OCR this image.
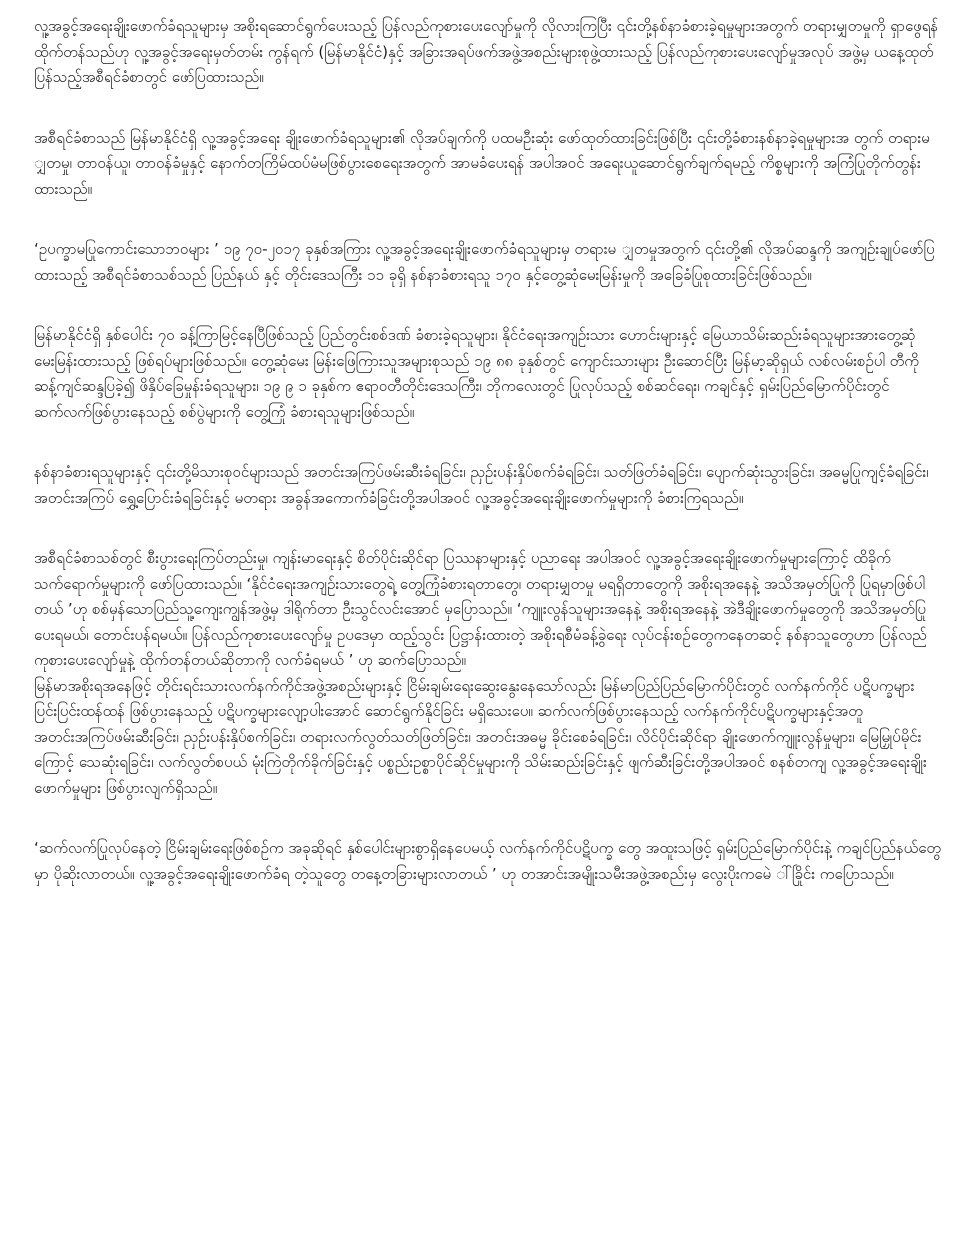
လူ့အခွင့်အရေးချိုးဖောက်ခံရသူများမှ အစိုးရဆောင်ရွက်ပေးသည့် ပြန်လည်ကုစားပေးလျော်မှုကို လိုလားကြပြီး ၎င်းတို့နစ်နာခံစားခဲ့ရမှုများအတွက် တရားမျှတမှုကို ရှာဖွေရန် ထိုက်တန်သည်ဟု လူ့အခွင့်အရေးမှတ်တမ်း ကွန်ရက် (မြန်မာနိုင်ငံ)နှင့် အခြားအရပ်ဖက်အဖွဲ့အစည်းများစုဖွဲ့ထားသည့် ပြန်လည်ကုစားပေးလျော်မှုအလုပ် အဖွဲ့မှ ယနေ့ထုတ်ပြန်သည့်အစီရင်ခံစာတွင် ဖော်ပြထားသည်။

အစီရင်ခံစာသည် မြန်မာနိုင်ငံရှိ လူ့အခွင့်အရေး ချိုးဖောက်ခံရသူများ၏ လိုအပ်ချက်ကို ပထမဦးဆုံး ဖော်ထုတ်ထားခြင်းဖြစ်ပြီး ၎င်းတို့ခံစားနစ်နာခဲ့ရမှုများအ တွက် တရားမ ျှတမှု၊ တာဝန်ယူ၊ တာဝန်ခံမှုနှင့် နောက်တကြိမ်ထပ်မံမဖြစ်ပွားစေရေးအတွက် အာမခံပေးရန် အပါအဝင် အရေးယူဆောင်ရွက်ချက်ရမည့် ကိစ္စများကို အကြံပြုတိုက်တွန်းထားသည်။

‘ဥပက္ခာမပြုကောင်းသောဘဝများ ’ ၁၉ ၇၀-၂၀၁၇ ခုနှစ်အကြား လူ့အခွင့်အရေးချိုးဖောက်ခံရသူများမှ တရားမ ျှတမှုအတွက် ၎င်းတို့၏ လိုအပ်ဆန္ဒကို အကျဉ်းချုပ်ဖော်ပြထားသည့် အစီရင်ခံစာသစ်သည် ပြည်နယ် နှင့် တိုင်းဒေသကြီး ၁၁ ခုရှိ နစ်နာခံစားရသူ ၁၇၀ နှင့်တွေ့ဆုံမေးမြန်းမှုကို အခြေခံပြုစုထားခြင်းဖြစ်သည်။

မြန်မာနိုင်ငံရှိ နှစ်ပေါင်း ၇၀ ခန့်ကြာမြင့်နေပြီဖြစ်သည့် ပြည်တွင်းစစ်ဒဏ် ခံစားခဲ့ရသူများ၊ နိုင်ငံရေးအကျဉ်းသား ဟောင်းများနှင့် မြေယာသိမ်းဆည်းခံရသူများအားတွေ့ဆုံမေးမြန်းထားသည့် ဖြစ်ရပ်များဖြစ်သည်။ တွေ့ဆုံမေး မြန်းဖြေကြားသူအများစုသည် ၁၉ ၈၈ ခုနှစ်တွင် ကျောင်းသားများ ဦးဆောင်ပြီး မြန်မာ့ဆိုရှယ် လစ်လမ်းစဉ်ပါ တီကို ဆန့်ကျင်ဆန္ဒပြခဲ့၍ ဖိနှိပ်ခြေမှုန်းခံရသူများ၊ ၁၉ ၉ ၁ ခုနှစ်က ဧရာဝတီတိုင်းဒေသကြီး၊ ဘိုကလေးတွင် ပြုလုပ်သည့် စစ်ဆင်ရေး၊ ကချင်နှင့် ရှမ်းပြည်မြောက်ပိုင်းတွင် ဆက်လက်ဖြစ်ပွားနေသည့် စစ်ပွဲများကို တွေ့ကြုံ ခံစားရသူများဖြစ်သည်။

နစ်နာခံစားရသူများနှင့် ၎င်းတို့မိသားစုဝင်များသည် အတင်းအကြပ်ဖမ်းဆီးခံရခြင်း၊ ညှဉ်းပန်းနှိပ်စက်ခံရခြင်း၊ သတ်ဖြတ်ခံရခြင်း၊ ပျောက်ဆုံးသွားခြင်း၊ အဓမ္မပြုကျင့်ခံရခြင်း၊ အတင်းအကြပ် ရွှေ့ပြောင်းခံရခြင်းနှင့် မတရား အခွန်အကောက်ခံခြင်းတို့အပါအဝင် လူ့အခွင့်အရေးချိုးဖောက်မှုများကို ခံစားကြရသည်။

အစီရင်ခံစာသစ်တွင် စီးပွားရေးကြပ်တည်းမှု၊ ကျန်းမာရေးနှင့် စိတ်ပိုင်းဆိုင်ရာ ပြဿနာများနှင့် ပညာရေး အပါအဝင် လူ့အခွင့်အရေးချိုးဖောက်မှုများကြောင့် ထိခိုက်သက်ရောက်မှုများကို ဖော်ပြထားသည်။ ‘နိုင်ငံရေးအကျဉ်းသားတွေရဲ့ တွေ့ကြုံခံစားရတာတွေ၊ တရားမျှတမှု မရရှိတာတွေကို အစိုးရအနေနဲ့ အသိအမှတ်ပြုကို ပြုရမှာဖြစ်ပါတယ် ’ဟု စစ်မှန်သောပြည်သူ့ကျေးကျွန်အဖွဲ့မှ ဒါရိုက်တာ ဦးသွင်လင်းအောင် မှပြောသည်။ ‘ကျူးလွန်သူများအနေနဲ့ အစိုးရအနေနဲ့ အဲဒီချိုးဖောက်မှုတွေကို အသိအမှတ်ပြုပေးရမယ်၊ တောင်းပန်ရမယ်။ ပြန်လည်ကုစားပေးလျော်မှု ဥပဒေမှာ ထည့်သွင်း ပြဋ္ဌာန်းထားတဲ့ အစိုးရစီမံခန့်ခွဲရေး လုပ်ငန်းစဉ်တွေကနေတဆင့် နစ်နာသူတွေဟာ ပြန်လည်ကုစားပေးလျော်မှုနဲ့ ထိုက်တန်တယ်ဆိုတာကို လက်ခံရမယ် ’ ဟု ဆက်ပြောသည်။

မြန်မာအစိုးရအနေဖြင့် တိုင်းရင်းသားလက်နက်ကိုင်အဖွဲ့အစည်းများနှင့် ငြိမ်းချမ်းရေးဆွေးနွေးနေသော်လည်း မြန်မာပြည်ပြည်မြောက်ပိုင်းတွင် လက်နက်ကိုင် ပဋိပက္ခများ ပြင်းပြင်းထန်ထန် ဖြစ်ပွားနေသည့် ပဋိပက္ခများလျော့ပါးအောင် ဆောင်ရွက်နိုင်ခြင်း မရှိသေးပေ။ ဆက်လက်ဖြစ်ပွားနေသည့် လက်နက်ကိုင်ပဋိပက္ခများနှင့်အတူ အတင်းအကြပ်ဖမ်းဆီးခြင်း၊ ညှဉ်းပန်းနှိပ်စက်ခြင်း၊ တရားလက်လွတ်သတ်ဖြတ်ခြင်း၊ အတင်းအဓမ္မ ခိုင်းစေခံရခြင်း၊ လိင်ပိုင်းဆိုင်ရာ ချိုးဖောက်ကျူးလွန်မှုများ၊ မြေမြှုပ်မိုင်းကြောင့် သေဆုံးရခြင်း၊ လက်လွတ်စပယ် မုံးကြဲတိုက်ခိုက်ခြင်းနှင့် ပစ္စည်းဥစ္စာပိုင်ဆိုင်မှုများကို သိမ်းဆည်းခြင်းနှင့် ဖျက်ဆီးခြင်းတို့အပါအဝင် စနစ်တကျ လူ့အခွင့်အရေးချိုးဖောက်မှုများ ဖြစ်ပွားလျက်ရှိသည်။

‘ဆက်လက်ပြုလုပ်နေတဲ့ ငြိမ်းချမ်းရေးဖြစ်စဉ်က အခုဆိုရင် နှစ်ပေါင်းများစွာရှိနေပေမယ့် လက်နက်ကိုင်ပဋိပက္ခ တွေ အထူးသဖြင့် ရှမ်းပြည်မြောက်ပိုင်းနဲ့ ကချင်ပြည်နယ်တွေမှာ ပိုဆိုးလာတယ်။ လူ့အခွင့်အရေးချိုးဖောက်ခံရ တဲ့သူတွေ တနေ့တခြားများလာတယ် ’ ဟု တအာင်းအမျိုးသမီးအဖွဲ့အစည်းမှ လွေးပိုးကမေဲ ◌ါ်ခြိုင်း ကပြောသည်။
